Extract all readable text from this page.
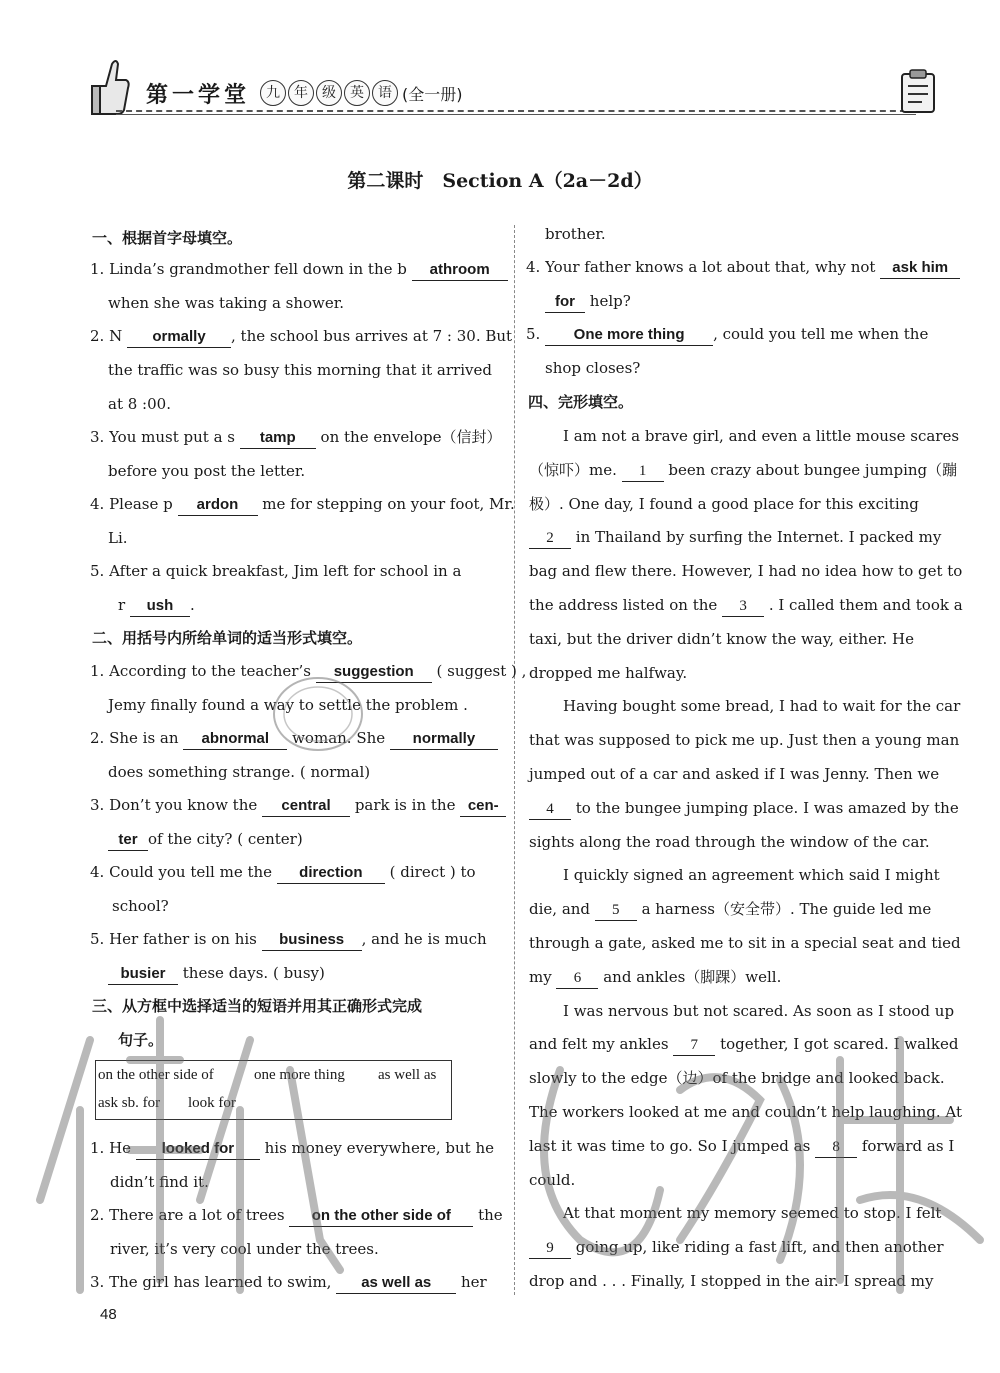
第一学堂	九	年	级	英	语 (全一册)
第二课时　Section A（2a－2d）
一、根据首字母填空。
1. Linda’s grandmother fell down in the b athroom
when she was taking a shower.
2. N ormally , the school bus arrives at 7 : 30. But
the traffic was so busy this morning that it arrived
at 8 :00.
3. You must put a s tamp on the envelope（信封）
before you post the letter.
4. Please p ardon me for stepping on your foot, Mr.
Li.
5. After a quick breakfast, Jim left for school in a
r ush .
二、用括号内所给单词的适当形式填空。
1. According to the teacher’s suggestion ( suggest ) ,
Jemy finally found a way to settle the problem .
2. She is an abnormal woman. She normally
does something strange. ( normal)
3. Don’t you know the central park is in the cen-
ter of the city? ( center)
4. Could you tell me the direction ( direct ) to
school?
5. Her father is on his business , and he is much
busier these days. ( busy)
三、从方框中选择适当的短语并用其正确形式完成
句子。
on the other side of	one more thing as well as
ask sb. for look for
1. He looked for his money everywhere, but he
didn’t find it.
2. There are a lot of trees on the other side of the
river, it’s very cool under the trees.
3. The girl has learned to swim, as well as her
brother.
4. Your father knows a lot about that, why not ask him
for help?
5. One more thing , could you tell me when the
shop closes?
四、完形填空。
I am not a brave girl, and even a little mouse scares
（惊吓）me. 1 been crazy about bungee jumping（蹦
极）. One day, I found a good place for this exciting
2 in Thailand by surfing the Internet. I packed my
bag and flew there. However, I had no idea how to get to
the address listed on the 3 . I called them and took a
taxi, but the driver didn’t know the way, either. He
dropped me halfway.
Having bought some bread, I had to wait for the car
that was supposed to pick me up. Just then a young man
jumped out of a car and asked if I was Jenny. Then we
4 to the bungee jumping place. I was amazed by the
sights along the road through the window of the car.
I quickly signed an agreement which said I might
die, and 5 a harness（安全带）. The guide led me
through a gate, asked me to sit in a special seat and tied
my 6 and ankles（脚踝）well.
I was nervous but not scared. As soon as I stood up
and felt my ankles 7 together, I got scared. I walked
slowly to the edge（边）of the bridge and looked back.
The workers looked at me and couldn’t help laughing. At
last it was time to go. So I jumped as 8 forward as I
could.
At that moment my memory seemed to stop. I felt
9 going up, like riding a fast lift, and then another
drop and . . . Finally, I stopped in the air. I spread my
48
